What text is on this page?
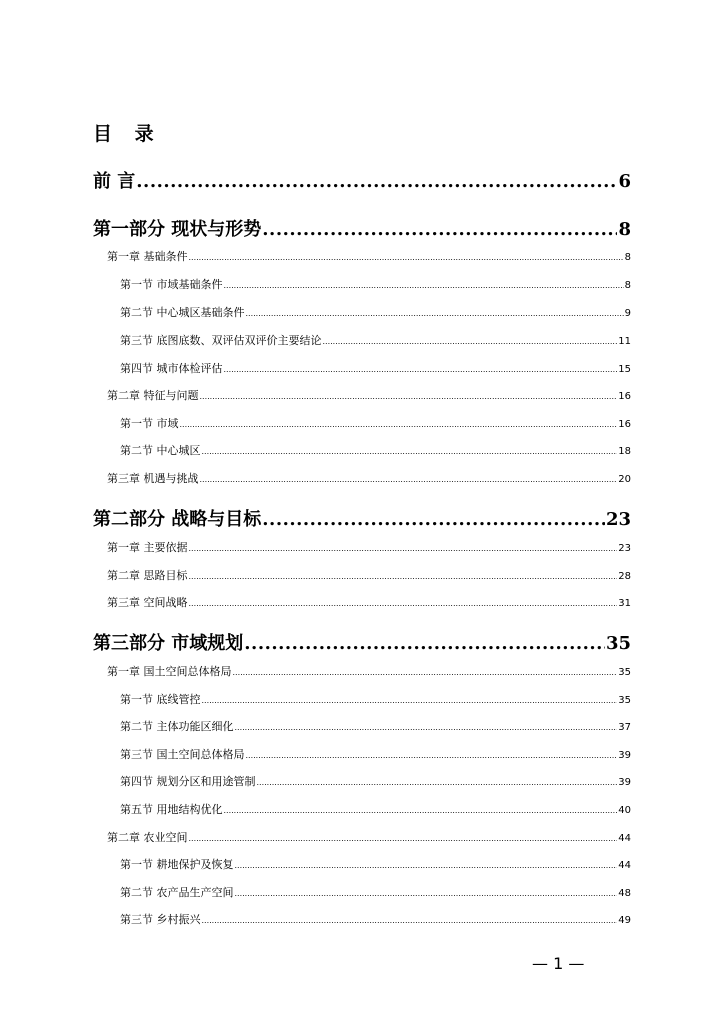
目 录
前 言 .....	6
第一部分 现状与形势 .....	8
第一章 基础条件 .....	8
第一节 市域基础条件 .....	8
第二节 中心城区基础条件 .....	9
第三节 底图底数、双评估双评价主要结论 .....	11
第四节 城市体检评估 .....	15
第二章 特征与问题 .....	16
第一节 市域 .....	16
第二节 中心城区 .....	18
第三章 机遇与挑战 .....	20
第二部分 战略与目标 .....	23
第一章 主要依据 .....	23
第二章 思路目标 .....	28
第三章 空间战略 .....	31
第三部分 市域规划 .....	35
第一章 国土空间总体格局 .....	35
第一节 底线管控 .....	35
第二节 主体功能区细化 .....	37
第三节 国土空间总体格局 .....	39
第四节 规划分区和用途管制 .....	39
第五节 用地结构优化 .....	40
第二章 农业空间 .....	44
第一节 耕地保护及恢复 .....	44
第二节 农产品生产空间 .....	48
第三节 乡村振兴 .....	49
— 1 —
